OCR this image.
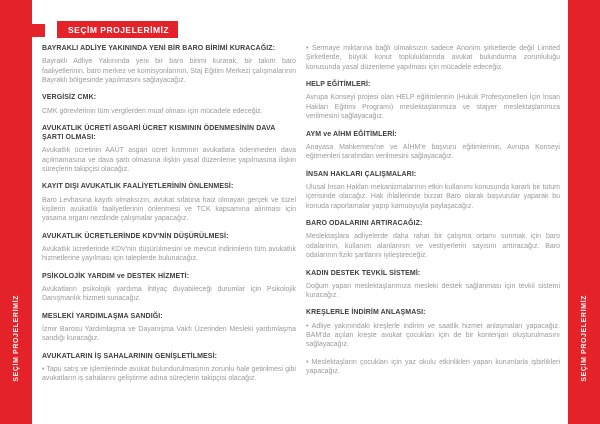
SEÇİM PROJELERİMİZ	SEÇİM PROJELERİMİZ
SEÇİM PROJELERİMİZ
BAYRAKLI ADLİYE YAKININDA YENİ BİR BARO BİRİMİ KURACAĞIZ:

Bayraklı Adliye Yakınında yeni bir baro birimi kurarak, bir takım baro faaliyetlerinin, baro merkez ve komisyonlarının, Staj Eğitim Merkezi çalışmalarının Bayraklı bölgesinde yapılmasını sağlayacağız.

VERGİSİZ CMK:

CMK görevlerinin tüm vergilerden muaf olması için mücadele edeceğiz.

AVUKATLIK ÜCRETİ ASGARİ ÜCRET KISMININ ÖDENMESİNİN DAVA ŞARTI OLMASI:

Avukatlık ücretinin AAÜT asgari ücret kısmının avukatlara ödenmeden dava açılmamasına ve dava şartı olmasına ilişkin yasal düzenleme yapılmasına ilişkin süreçlerin takipçisi olacağız.

KAYIT DIŞI AVUKATLIK FAALİYETLERİNİN ÖNLENMESİ:

Baro Levhasına kayıtlı olmaksızın, avukat sıfatına haiz olmayan gerçek ve tüzel kişilerin avukatlık faaliyetlerinin önlenmesi ve TCK kapsamına alınması için yasama organı nezdinde çalışmalar yapacağız.

AVUKATLIK ÜCRETLERİNDE KDV'NİN DÜŞÜRÜLMESİ:

Avukatlık ücretlerinde KDV'nin düşürülmesini ve mevcut indirimlerin tüm avukatlık hizmetlerine yayılması için taleplerde bulunacağız.

PSİKOLOJİK YARDIM ve DESTEK HİZMETİ:

Avukatların psikolojik yardıma ihtiyaç duyabileceği durumlar için Psikolojik Danışmanlık hizmeti sunacağız.

MESLEKİ YARDIMLAŞMA SANDIĞI:

İzmir Barosu Yardımlaşma ve Dayanışma Vakfı Üzerinden Mesleki yardımlaşma sandığı kuracağız.

AVUKATLARIN İŞ SAHALARININ GENİŞLETİLMESİ:

• Tapu satış ve işlemlerinde avukat bulundurulmasının zorunlu hale getirilmesi gibi avukatların iş sahalarını geliştirme adına süreçlerin takipçisi olacağız.

• Sermaye miktarına bağlı olmaksızın sadece Anonim şirketlerde değil Limited Şirketlerde, büyük konut topluluklarında avukat bulundurma zorunluluğu konusunda yasal düzenleme yapılması için mücadele edeceğiz.

HELP EĞİTİMLERİ:

Avrupa Konseyi projesi olan HELP eğitimlerinin (Hukuk Profesyonelleri İçin İnsan Hakları Eğitimi Programı) meslektaşlarımıza ve stajyer meslektaşlarımıza verilmesini sağlayacağız.

AYM ve AİHM EĞİTİMLERİ:

Anayasa Mahkemesi'ne ve AİHM'e başvuru eğitimlerinin, Avrupa Konseyi eğitmenleri tarafından verilmesini sağlayacağız.

İNSAN HAKLARI ÇALIŞMALARI:

Ulusal İnsan Hakları mekanizmalarının etkin kullanımı konusunda kararlı bir tutum içerisinde olacağız. Hak ihlallerinde bizzat Baro olarak başvurular yaparak bu konuda raporlamalar yapıp kamuoyuyla paylaşacağız.

BARO ODALARINI ARTIRACAĞIZ:

Meslektaşlara adliyelerde daha rahat bir çalışma ortamı sunmak için baro odalarının, kullanım alanlarının ve vestiyerlerin sayısını arttıracağız. Baro odalarının fiziki şartlarını iyileştireceğiz.

KADIN DESTEK TEVKİL SİSTEMİ:

Doğum yapan meslektaşlarımıza mesleki destek sağlanması için tevkil sistemi kuracağız.

KREŞLERLE İNDİRİM ANLAŞMASI:

• Adliye yakınındaki kreşlerle indirim ve saatlik hizmet anlaşmaları yapacağız. BAM'da açılan kreşte avukat çocukları için de bir kontenjan oluşturulmasını sağlayacağız.

• Meslektaşların çocukları için yaz okulu etkinlikleri yapan kurumlarla işbirlikleri yapacağız.
